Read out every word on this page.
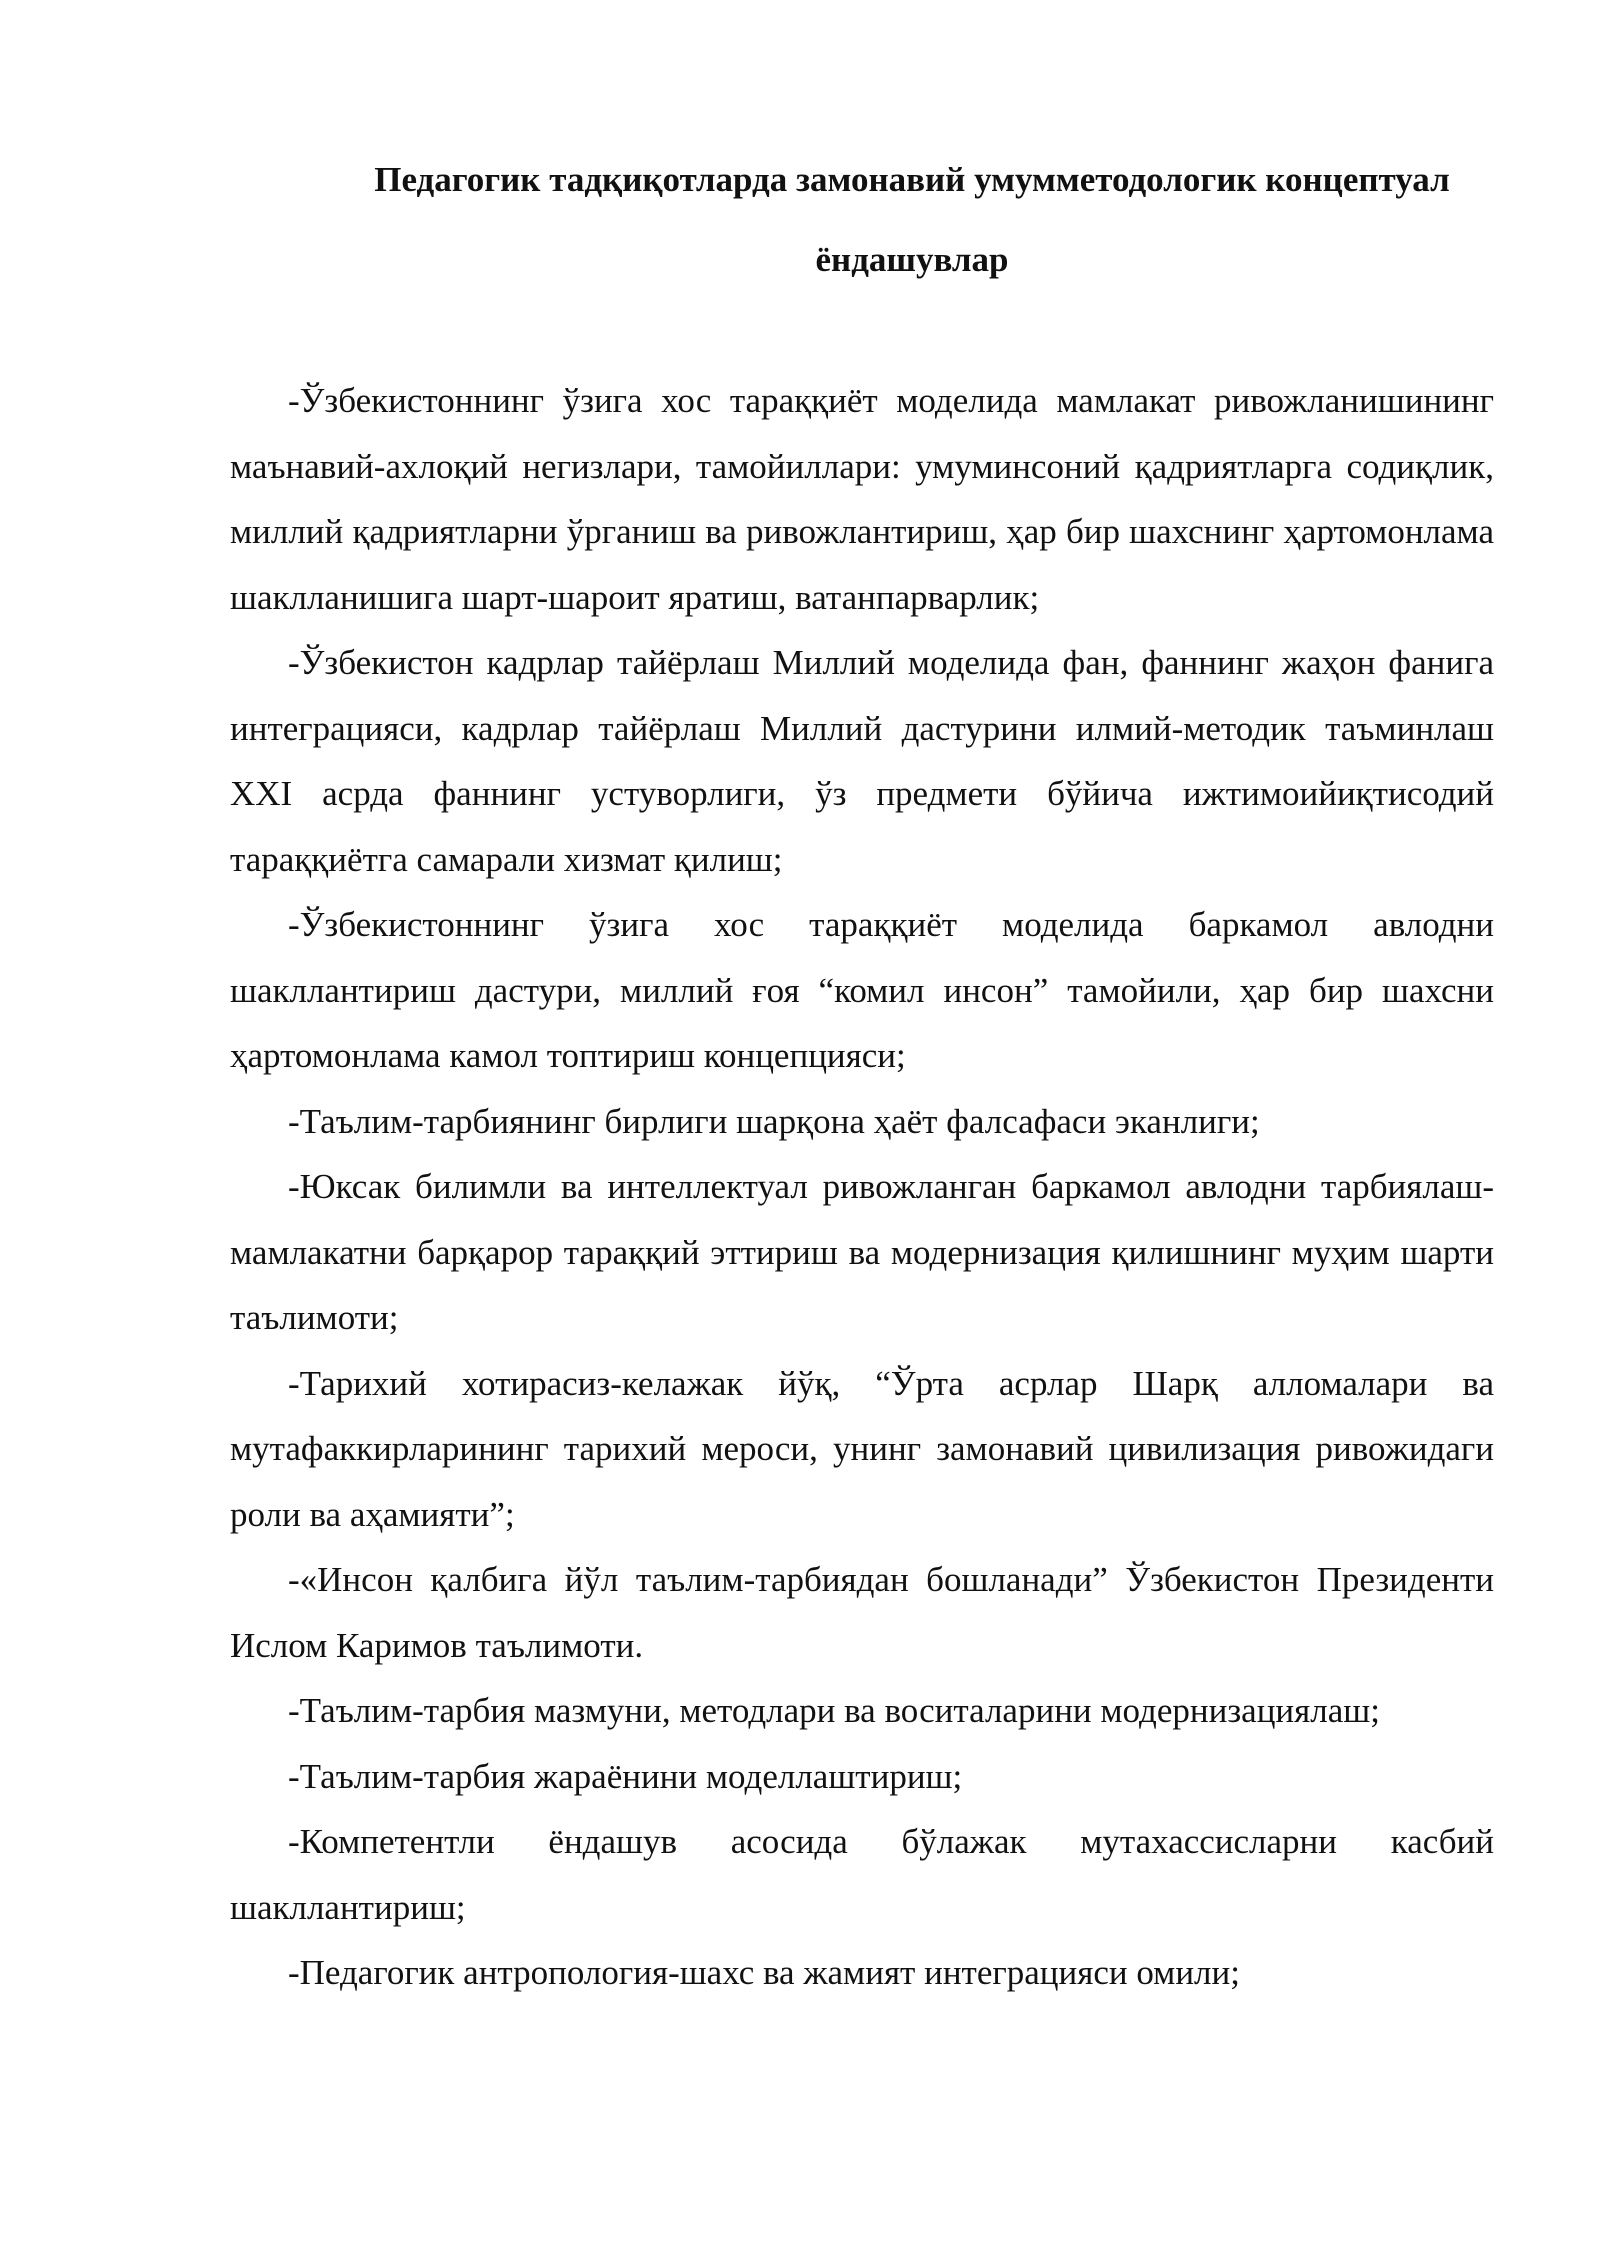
Педагогик тадқиқотларда замонавий умумметодологик концептуал
ёндашувлар

-Ўзбекистоннинг ўзига хос тараққиёт моделида мамлакат ривожланишининг маънавий-ахлоқий негизлари, тамойиллари: умуминсоний қадриятларга содиқлик, миллий қадриятларни ўрганиш ва ривожлантириш, ҳар бир шахснинг ҳартомонлама шаклланишига шарт-шароит яратиш, ватанпарварлик;

-Ўзбекистон кадрлар тайёрлаш Миллий моделида фан, фаннинг жаҳон фанига интеграцияси, кадрлар тайёрлаш Миллий дастурини илмий-методик таъминлаш XXI асрда фаннинг устуворлиги, ўз предмети бўйича ижтимоийиқтисодий тараққиётга самарали хизмат қилиш;

-Ўзбекистоннинг ўзига хос тараққиёт моделида баркамол авлодни шакллантириш дастури, миллий ғоя “комил инсон” тамойили, ҳар бир шахсни ҳартомонлама камол топтириш концепцияси;

-Таълим-тарбиянинг бирлиги шарқона ҳаёт фалсафаси эканлиги;

-Юксак билимли ва интеллектуал ривожланган баркамол авлодни тарбиялаш-мамлакатни барқарор тараққий эттириш ва модернизация қилишнинг муҳим шарти таълимоти;

-Тарихий хотирасиз-келажак йўқ, “Ўрта асрлар Шарқ алломалари ва мутафаккирларининг тарихий мероси, унинг замонавий цивилизация ривожидаги роли ва аҳамияти”;

-«Инсон қалбига йўл таълим-тарбиядан бошланади” Ўзбекистон Президенти Ислом Каримов таълимоти.

-Таълим-тарбия мазмуни, методлари ва воситаларини модернизациялаш;

-Таълим-тарбия жараёнини моделлаштириш;

-Компетентли ёндашув асосида бўлажак мутахассисларни касбий шакллантириш;

-Педагогик антропология-шахс ва жамият интеграцияси омили;
